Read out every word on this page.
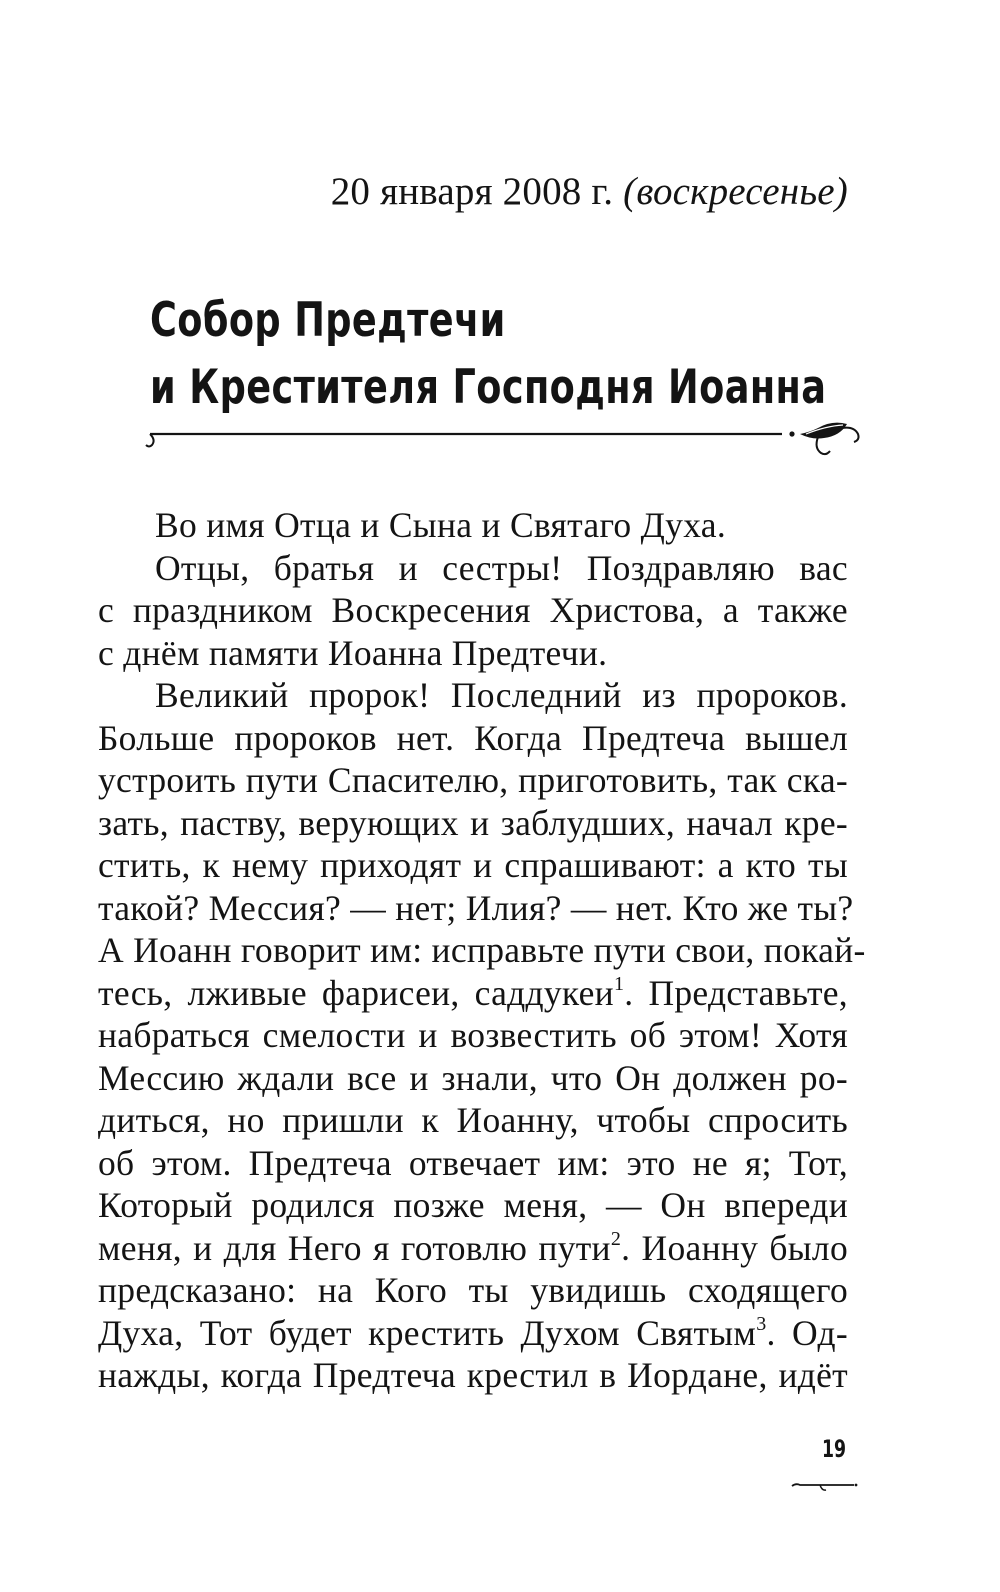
20 января 2008 г. (воскресенье)
Собор Предтечи
и Крестителя Господня Иоанна
Во имя Отца и Сына и Святаго Духа.
Отцы, братья и сестры! Поздравляю вас
с праздником Воскресения Христова, а также
с днём памяти Иоанна Предтечи.
Великий пророк! Последний из пророков.
Больше пророков нет. Когда Предтеча вышел
устроить пути Спасителю, приготовить, так ска-
зать, паству, верующих и заблудших, начал кре-
стить, к нему приходят и спрашивают: а кто ты
такой? Мессия? — нет; Илия? — нет. Кто же ты?
А Иоанн говорит им: исправьте пути свои, покай-
тесь, лживые фарисеи, саддукеи$^1$. Представьте,
набраться смелости и возвестить об этом! Хотя
Мессию ждали все и знали, что Он должен ро-
диться, но пришли к Иоанну, чтобы спросить
об этом. Предтеча отвечает им: это не я; Тот,
Который родился позже меня, — Он впереди
меня, и для Него я готовлю пути$^2$. Иоанну было
предсказано: на Кого ты увидишь сходящего
Духа, Тот будет крестить Духом Святым$^3$. Од-
нажды, когда Предтеча крестил в Иордане, идёт
19
